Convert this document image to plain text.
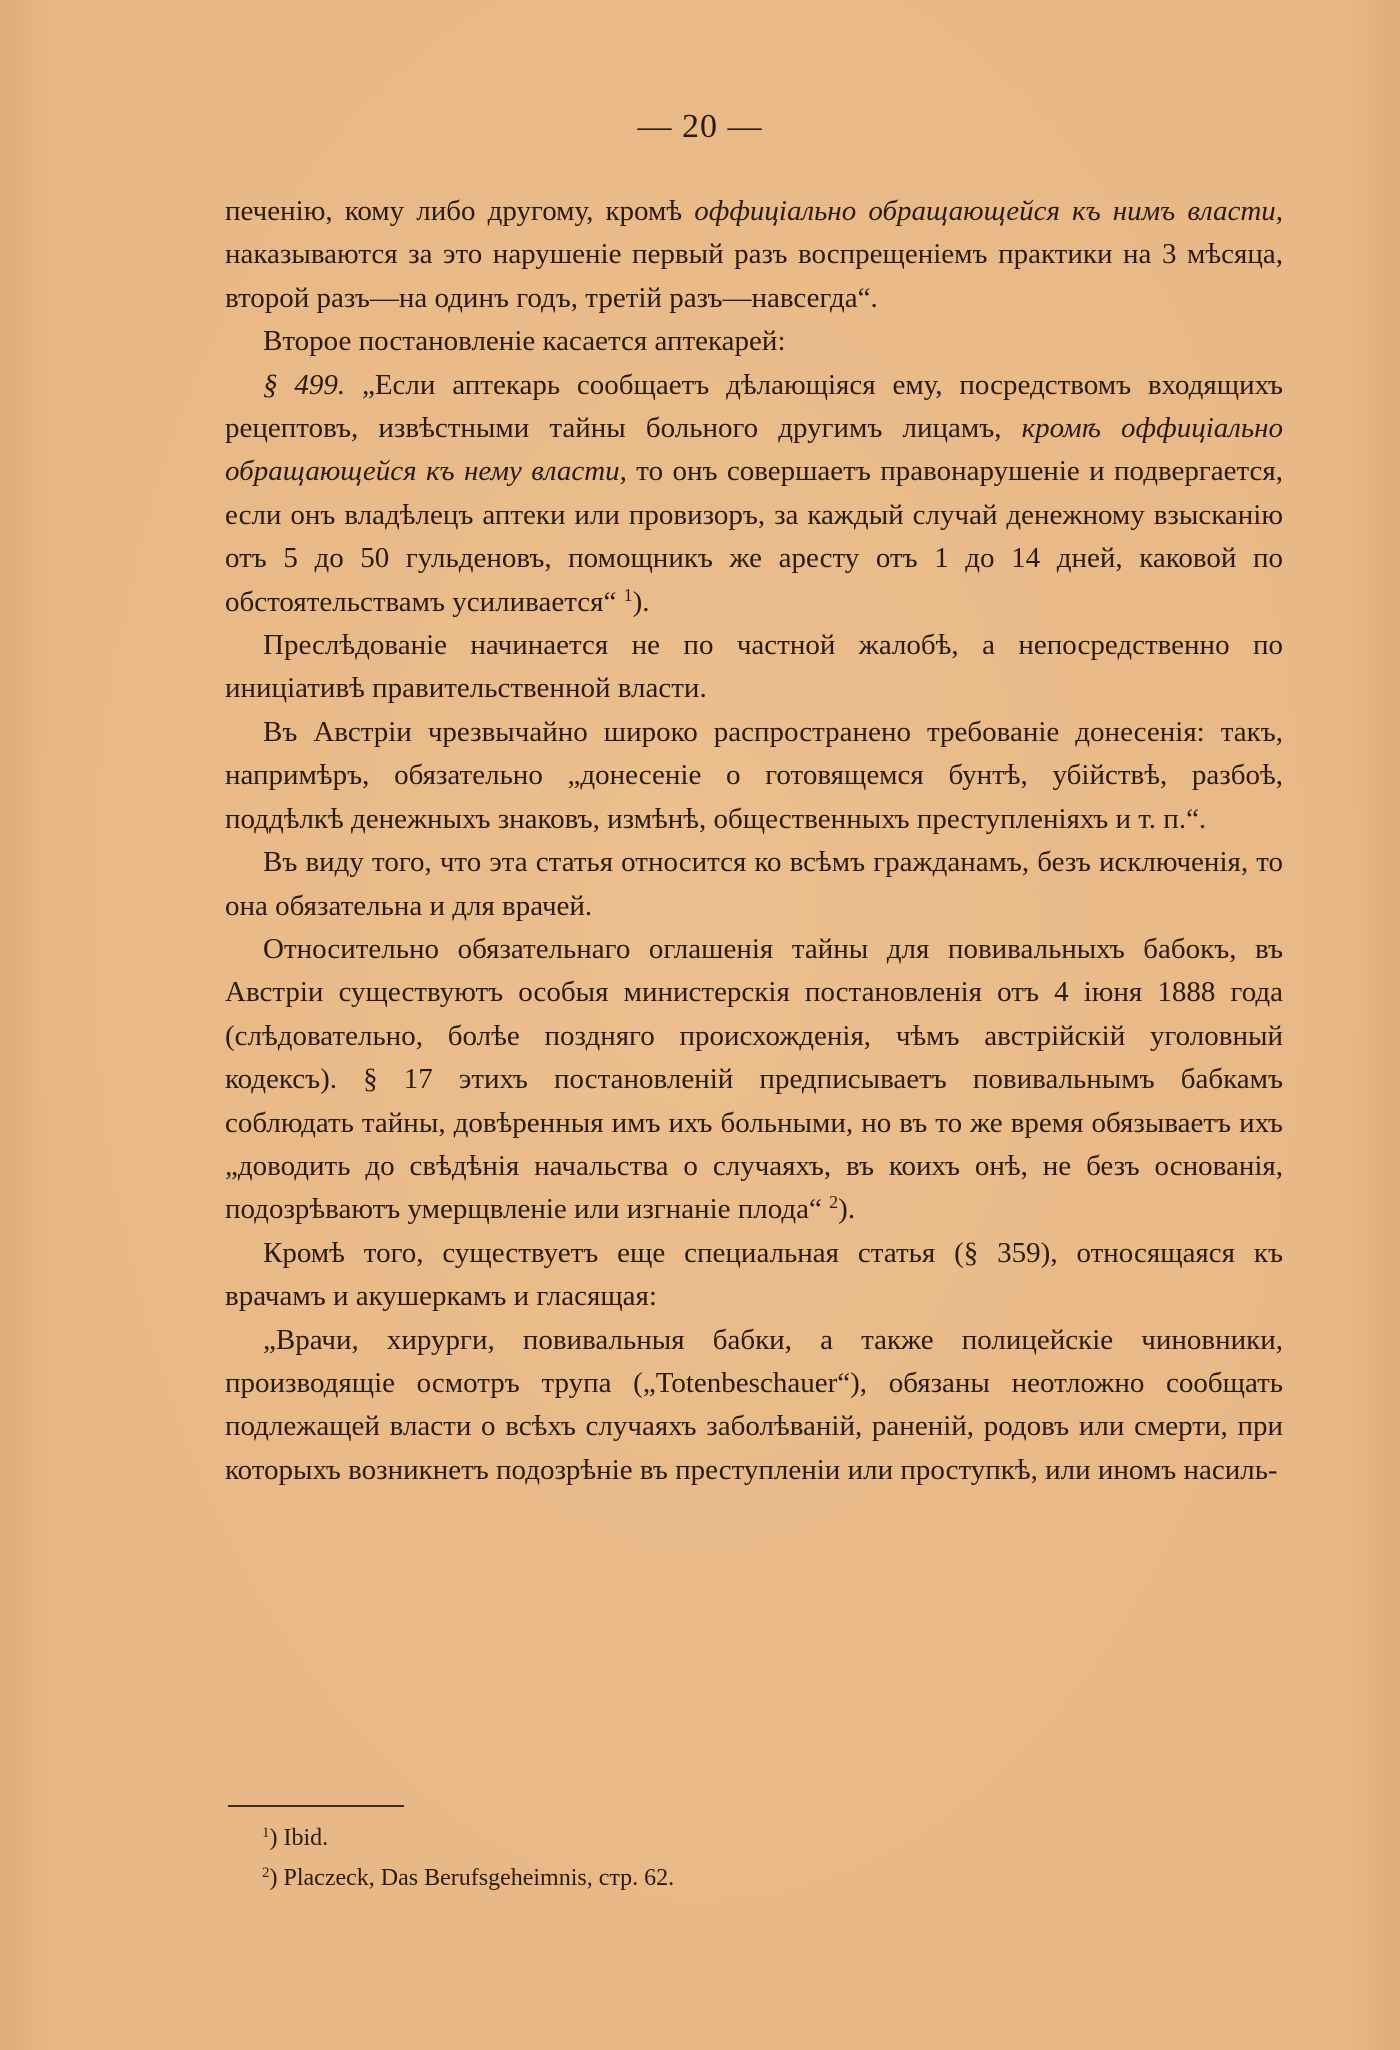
— 20 —

печенію, кому либо другому, кромѣ оффиціально обращающейся къ нимъ власти, наказываются за это нарушеніе первый разъ воспрещеніемъ практики на 3 мѣсяца, второй разъ—на одинъ годъ, третій разъ—навсегда“.

Второе постановленіе касается аптекарей:

§ 499. „Если аптекарь сообщаетъ дѣлающіяся ему, посредствомъ входящихъ рецептовъ, извѣстными тайны больного другимъ лицамъ, кромѣ оффиціально обращающейся къ нему власти, то онъ совершаетъ правонарушеніе и подвергается, если онъ владѣлецъ аптеки или провизоръ, за каждый случай денежному взысканію отъ 5 до 50 гульденовъ, помощникъ же аресту отъ 1 до 14 дней, каковой по обстоятельствамъ усиливается“ $^1$).

Преслѣдованіе начинается не по частной жалобѣ, а непосредственно по иниціативѣ правительственной власти.

Въ Австріи чрезвычайно широко распространено требованіе донесенія: такъ, напримѣръ, обязательно „донесеніе о готовящемся бунтѣ, убійствѣ, разбоѣ, поддѣлкѣ денежныхъ знаковъ, измѣнѣ, общественныхъ преступленіяхъ и т. п.“.

Въ виду того, что эта статья относится ко всѣмъ гражданамъ, безъ исключенія, то она обязательна и для врачей.

Относительно обязательнаго оглашенія тайны для повивальныхъ бабокъ, въ Австріи существуютъ особыя министерскія постановленія отъ 4 іюня 1888 года (слѣдовательно, болѣе поздняго происхожденія, чѣмъ австрійскій уголовный кодексъ). § 17 этихъ постановленій предписываетъ повивальнымъ бабкамъ соблюдать тайны, довѣренныя имъ ихъ больными, но въ то же время обязываетъ ихъ „доводить до свѣдѣнія начальства о случаяхъ, въ коихъ онѣ, не безъ основанія, подозрѣваютъ умерщвленіе или изгнаніе плода“ $^2$).

Кромѣ того, существуетъ еще специальная статья (§ 359), относящаяся къ врачамъ и акушеркамъ и гласящая:

„Врачи, хирурги, повивальныя бабки, а также полицейскіе чиновники, производящіе осмотръ трупа („Totenbeschauer“), обязаны неотложно сообщать подлежащей власти о всѣхъ случаяхъ заболѣваній, раненій, родовъ или смерти, при которыхъ возникнетъ подозрѣніе въ преступленіи или проступкѣ, или иномъ насиль-

$^1$) Ibid.
$^2$) Placzeck, Das Berufsgeheimnis, стр. 62.
